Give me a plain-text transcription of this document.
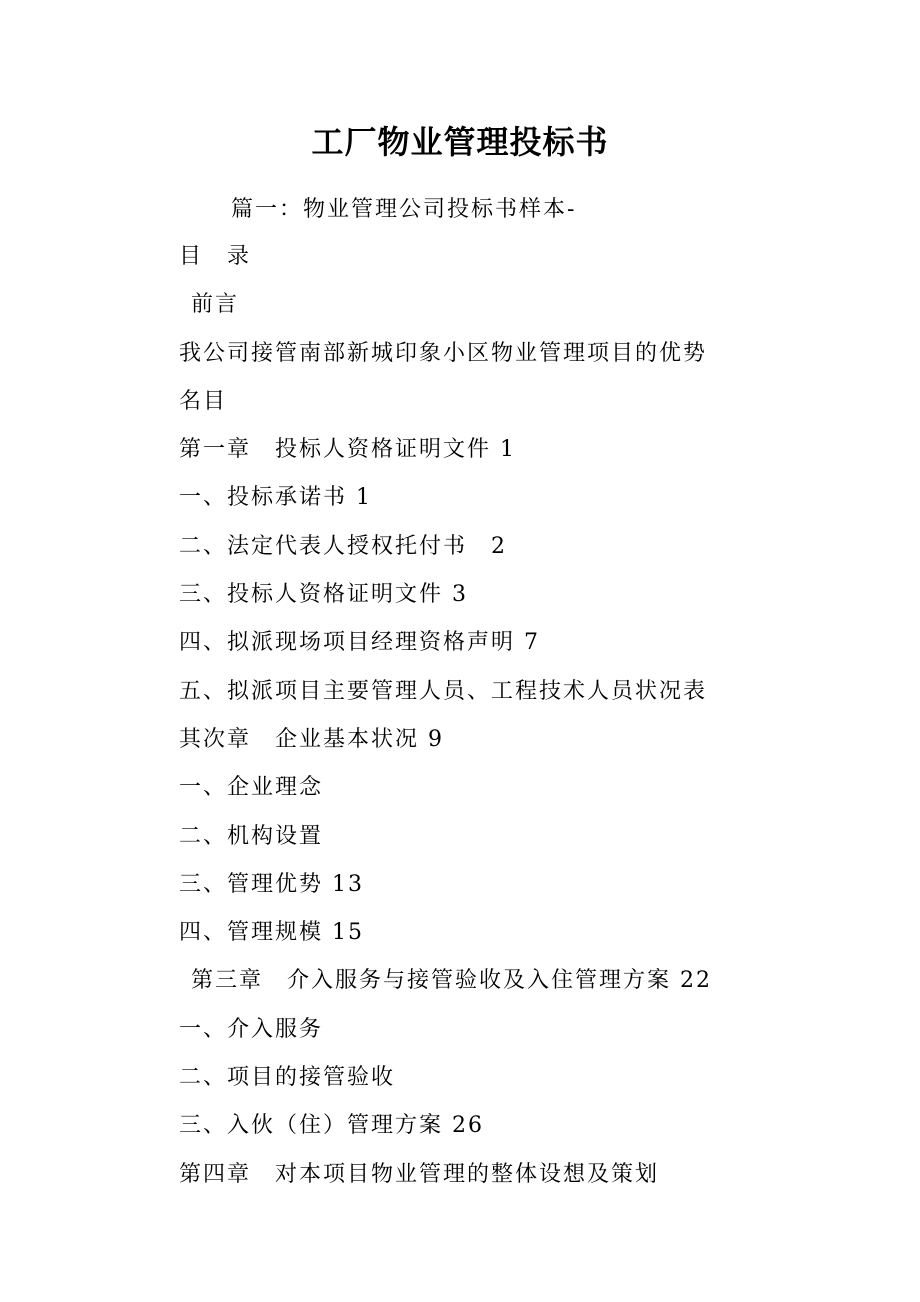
工厂物业管理投标书
篇一：物业管理公司投标书样本-
目　录
前言
我公司接管南部新城印象小区物业管理项目的优势
名目
第一章　投标人资格证明文件 1
一、投标承诺书 1
二、法定代表人授权托付书　2
三、投标人资格证明文件 3
四、拟派现场项目经理资格声明 7
五、拟派项目主要管理人员、工程技术人员状况表
其次章　企业基本状况 9
一、企业理念
二、机构设置
三、管理优势 13
四、管理规模 15
第三章　介入服务与接管验收及入住管理方案 22
一、介入服务
二、项目的接管验收
三、入伙（住）管理方案 26
第四章　对本项目物业管理的整体设想及策划
